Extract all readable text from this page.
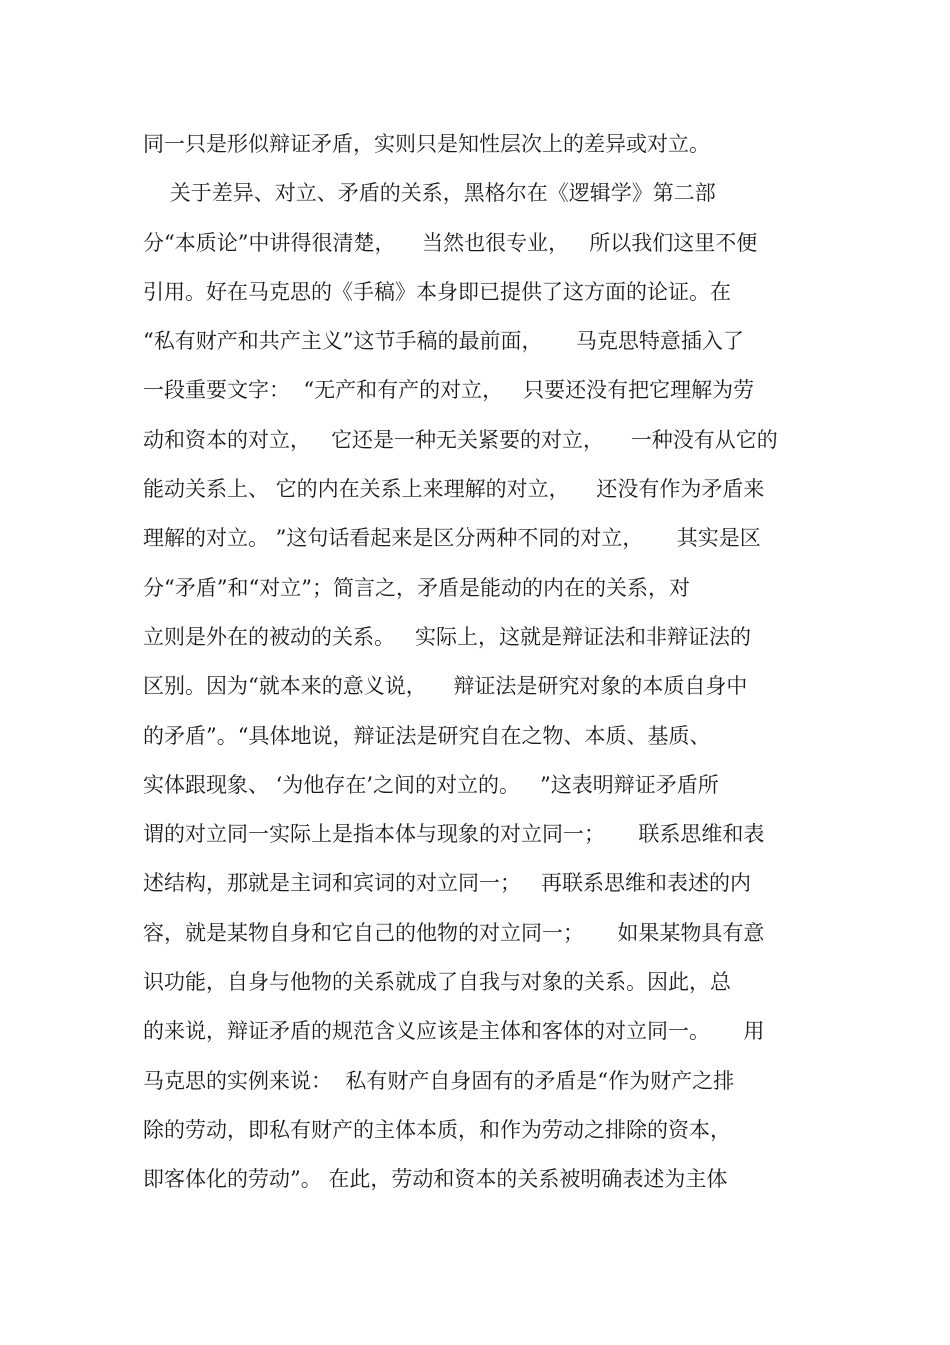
同一只是形似辩证矛盾，实则只是知性层次上的差异或对立。
关于差异、对立、矛盾的关系，黑格尔在《逻辑学》第二部
分“本质论”中讲得很清楚，    当然也很专业，   所以我们这里不便
引用。好在马克思的《手稿》本身即已提供了这方面的论证。在
“私有财产和共产主义”这节手稿的最前面，     马克思特意插入了
一段重要文字：  “无产和有产的对立，   只要还没有把它理解为劳
动和资本的对立，   它还是一种无关紧要的对立，    一种没有从它的
能动关系上、 它的内在关系上来理解的对立，    还没有作为矛盾来
理解的对立。 ”这句话看起来是区分两种不同的对立，     其实是区
分“矛盾”和“对立”；简言之，矛盾是能动的内在的关系，对
立则是外在的被动的关系。   实际上，这就是辩证法和非辩证法的
区别。因为“就本来的意义说，    辩证法是研究对象的本质自身中
的矛盾”。“具体地说，辩证法是研究自在之物、本质、基质、
实体跟现象、 ‘为他存在’之间的对立的。   ”这表明辩证矛盾所
谓的对立同一实际上是指本体与现象的对立同一；     联系思维和表
述结构，那就是主词和宾词的对立同一；   再联系思维和表述的内
容，就是某物自身和它自己的他物的对立同一；     如果某物具有意
识功能，自身与他物的关系就成了自我与对象的关系。因此，总
的来说，辩证矛盾的规范含义应该是主体和客体的对立同一。     用
马克思的实例来说：  私有财产自身固有的矛盾是“作为财产之排
除的劳动，即私有财产的主体本质，和作为劳动之排除的资本，
即客体化的劳动”。 在此，劳动和资本的关系被明确表述为主体
